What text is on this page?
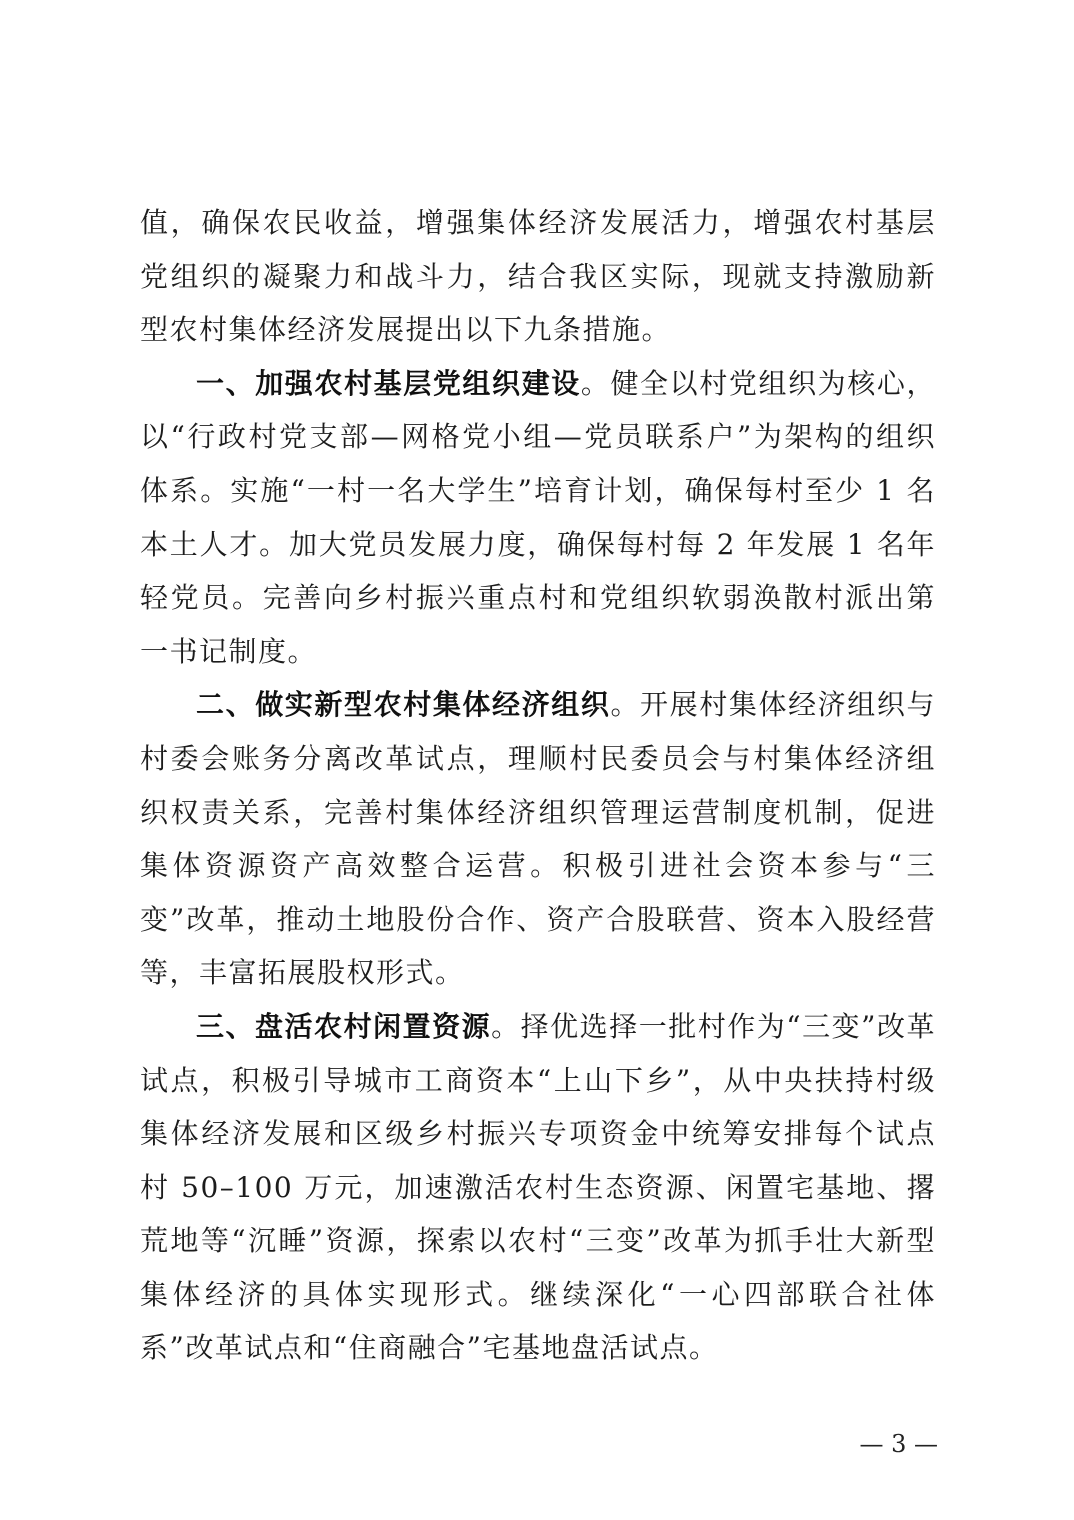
值，确保农民收益，增强集体经济发展活力，增强农村基层党组织的凝聚力和战斗力，结合我区实际，现就支持激励新型农村集体经济发展提出以下九条措施。

一、加强农村基层党组织建设。健全以村党组织为核心，以“行政村党支部—网格党小组—党员联系户”为架构的组织体系。实施“一村一名大学生”培育计划，确保每村至少 1 名本土人才。加大党员发展力度，确保每村每 2 年发展 1 名年轻党员。完善向乡村振兴重点村和党组织软弱涣散村派出第一书记制度。

二、做实新型农村集体经济组织。开展村集体经济组织与村委会账务分离改革试点，理顺村民委员会与村集体经济组织权责关系，完善村集体经济组织管理运营制度机制，促进集体资源资产高效整合运营。积极引进社会资本参与“三变”改革，推动土地股份合作、资产合股联营、资本入股经营等，丰富拓展股权形式。

三、盘活农村闲置资源。择优选择一批村作为“三变”改革试点，积极引导城市工商资本“上山下乡”，从中央扶持村级集体经济发展和区级乡村振兴专项资金中统筹安排每个试点村 50–100 万元，加速激活农村生态资源、闲置宅基地、撂荒地等“沉睡”资源，探索以农村“三变”改革为抓手壮大新型集体经济的具体实现形式。继续深化“一心四部联合社体系”改革试点和“住商融合”宅基地盘活试点。

— 3 —
